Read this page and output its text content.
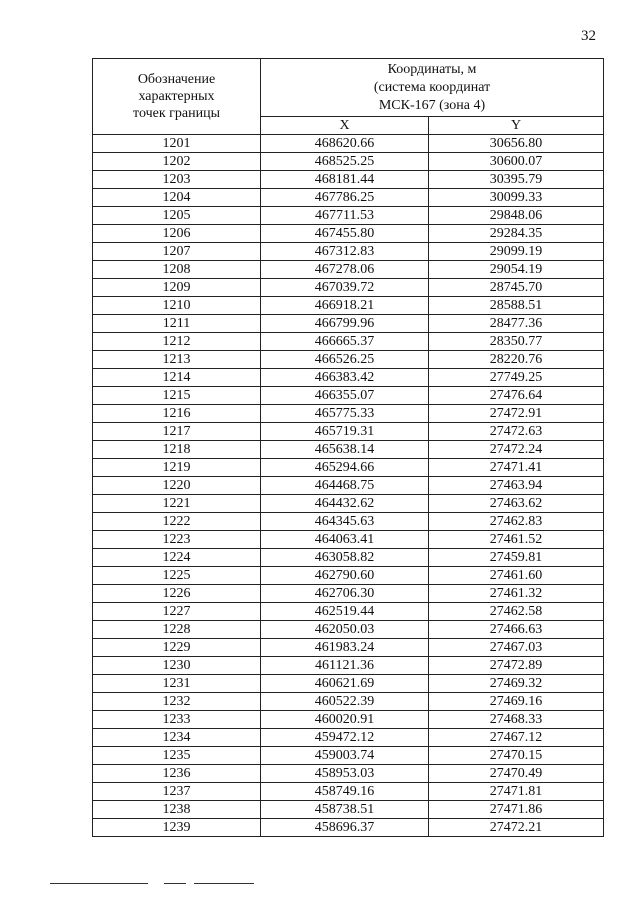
32
Обозначение
характерных
точек границы	Координаты, м
(система координат
МСК-167 (зона 4)	

	X	Y
1201	468620.66	30656.80
1202	468525.25	30600.07
1203	468181.44	30395.79
1204	467786.25	30099.33
1205	467711.53	29848.06
1206	467455.80	29284.35
1207	467312.83	29099.19
1208	467278.06	29054.19
1209	467039.72	28745.70
1210	466918.21	28588.51
1211	466799.96	28477.36
1212	466665.37	28350.77
1213	466526.25	28220.76
1214	466383.42	27749.25
1215	466355.07	27476.64
1216	465775.33	27472.91
1217	465719.31	27472.63
1218	465638.14	27472.24
1219	465294.66	27471.41
1220	464468.75	27463.94
1221	464432.62	27463.62
1222	464345.63	27462.83
1223	464063.41	27461.52
1224	463058.82	27459.81
1225	462790.60	27461.60
1226	462706.30	27461.32
1227	462519.44	27462.58
1228	462050.03	27466.63
1229	461983.24	27467.03
1230	461121.36	27472.89
1231	460621.69	27469.32
1232	460522.39	27469.16
1233	460020.91	27468.33
1234	459472.12	27467.12
1235	459003.74	27470.15
1236	458953.03	27470.49
1237	458749.16	27471.81
1238	458738.51	27471.86
1239	458696.37	27472.21
